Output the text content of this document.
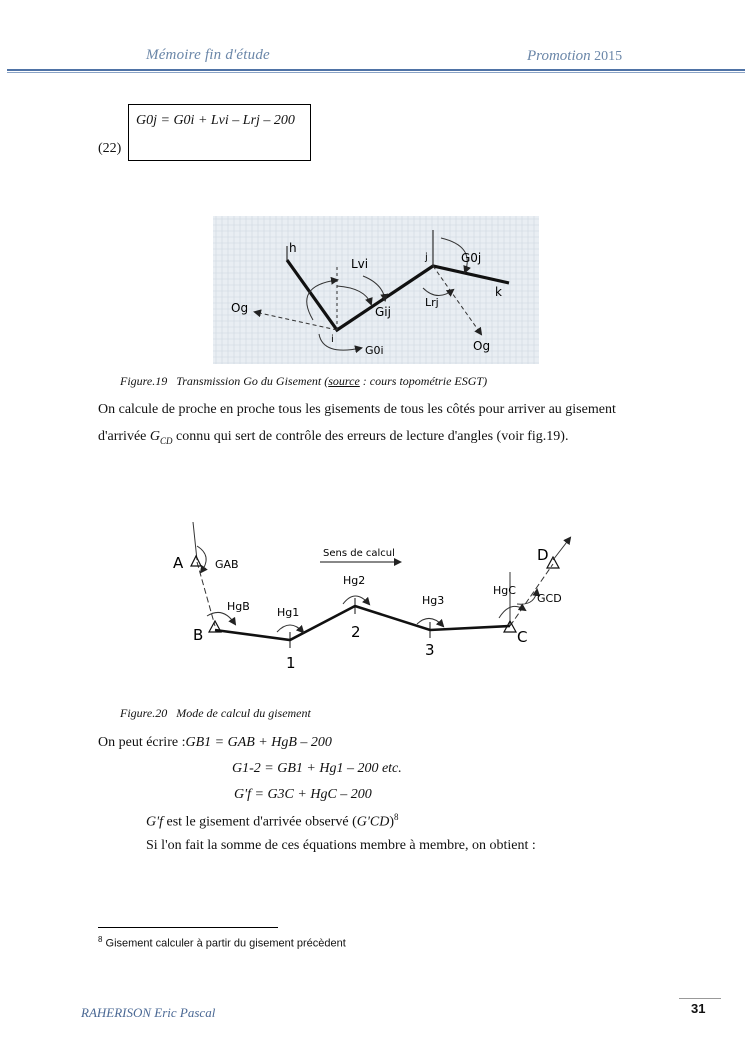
Mémoire fin d'étude	Promotion 2015
(22)
G0j = G0i + Lvi – Lrj – 200
h
Lvi	G0j
k
Lrj
Gij
Og
Og
G0i
i
j
Figure.19 Transmission Go du Gisement (source : cours topométrie ESGT)
On calcule de proche en proche tous les gisements de tous les côtés pour arriver au gisement
d'arrivée $G_{CD}$ connu qui sert de contrôle des erreurs de lecture d'angles (voir fig.19).
A
B	C
D
1
2
3
Sens de calcul
GAB
HgB Hg1
Hg2
Hg3
HgC
GCD
Figure.20 Mode de calcul du gisement
On peut écrire :GB1 = GAB + HgB – 200
G1-2 = GB1 + Hg1 – 200 etc.
G'f = G3C + HgC – 200
G'f est le gisement d'arrivée observé $(G'CD)^8$
Si l'on fait la somme de ces équations membre à membre, on obtient :
$^8$ Gisement calculer à partir du gisement précèdent
RAHERISON Eric Pascal	31
